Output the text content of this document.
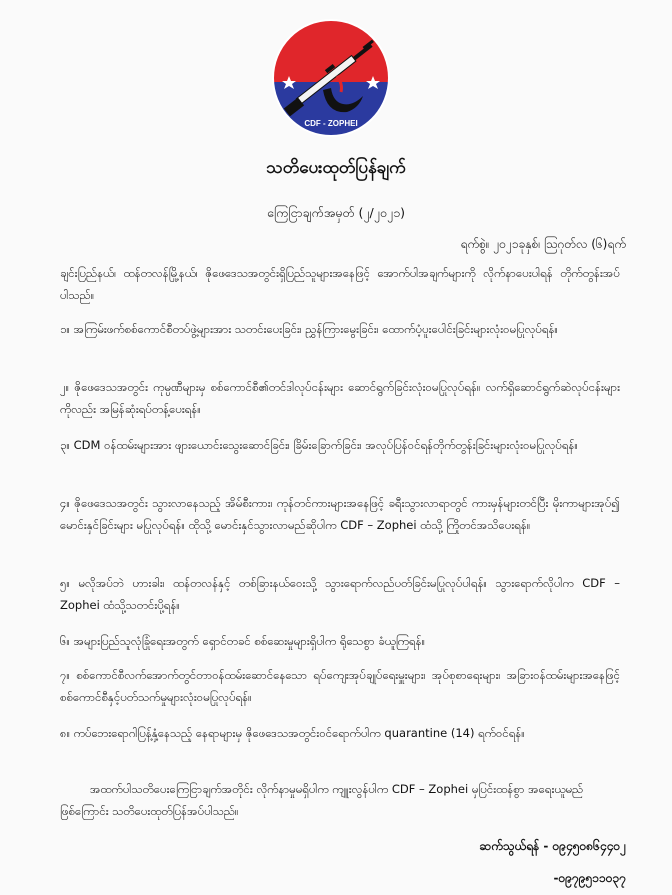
CDF - ZOPHEI
သတိပေးထုတ်ပြန်ချက်
ကြေငြာချက်အမှတ် (၂/၂၀၂၁)
ရက်စွဲ။ ၂၀၂၁ခုနှစ်၊ ဩဂုတ်လ (၆)ရက်
ချင်းပြည်နယ်၊ ထန်တလန်မြို့နယ်၊ ဇိုဖေဒေသအတွင်းရှိပြည်သူများအနေဖြင့် အောက်ပါအချက်များကို လိုက်နာပေးပါရန် တိုက်တွန်းအပ်ပါသည်။
၁။ အကြမ်းဖက်စစ်ကောင်စီတပ်ဖွဲ့များအား သတင်းပေးခြင်း၊ ညွှန်ကြားမွေးခြင်း၊ ထောက်ပံ့ပူးပေါင်းခြင်းများလုံးဝမပြုလုပ်ရန်။
၂။ ဇိုဖေဒေသအတွင်း ကုမ္ပဏီများမှ စစ်ကောင်စီ၏တင်ဒါလုပ်ငန်းများ ဆောင်ရွက်ခြင်းလုံးဝမပြုလုပ်ရန်။ လက်ရှိဆောင်ရွက်ဆဲလုပ်ငန်းများကိုလည်း အမြန်ဆုံးရပ်တန့်ပေးရန်။
၃။ CDM ဝန်ထမ်းများအား ဖျားယောင်းသွေးဆောင်ခြင်း၊ ခြိမ်းခြောက်ခြင်း၊ အလုပ်ပြန်ဝင်ရန်တိုက်တွန်းခြင်းများလုံးဝမပြုလုပ်ရန်။
၄။ ဇိုဖေဒေသအတွင်း သွားလာနေသည့် အိမ်စီးကား၊ ကုန်တင်ကားများအနေဖြင့် ခရီးသွားလာရာတွင် ကားမှန်များတင်ပြီး မိုးကာများအုပ်၍ မောင်းနှင်ခြင်းများ မပြုလုပ်ရန်။ ထိုသို့ မောင်းနှင်သွားလာမည်ဆိုပါက CDF – Zophei ထံသို့ ကြိုတင်အသိပေးရန်။
၅။ မလိုအပ်ဘဲ ဟားခါး၊ ထန်တလန်နှင့် တစ်ခြားနယ်ဝေးသို့ သွားရောက်လည်ပတ်ခြင်းမပြုလုပ်ပါရန်။ သွားရောက်လိုပါက CDF – Zophei ထံသို့သတင်းပို့ရန်။
၆။ အများပြည်သူလုံခြုံရေးအတွက် ရှောင်တခင် စစ်ဆေးမှုများရှိပါက ရိုသေစွာ ခံယူကြရန်။
၇။ စစ်ကောင်စီလက်အောက်တွင်တာဝန်ထမ်းဆောင်နေသော ရပ်ကျေးအုပ်ချုပ်ရေးမှူးများ၊ အုပ်စုစာရေးများ၊ အခြားဝန်ထမ်းများအနေဖြင့် စစ်ကောင်စီနှင့်ပတ်သက်မှုများလုံးဝမပြုလုပ်ရန်။
၈။ ကပ်ဘေးရောဂါပြန့်နှံ့နေသည့် နေရာများမှ ဇိုဖေဒေသအတွင်းဝင်ရောက်ပါက quarantine (14) ရက်ဝင်ရန်။
အထက်ပါသတိပေးကြေငြာချက်အတိုင်း လိုက်နာမှုမရှိပါက ကျူးလွန်ပါက CDF – Zophei မှပြင်းထန်စွာ အရေးယူမည်ဖြစ်ကြောင်း သတိပေးထုတ်ပြန်အပ်ပါသည်။
ဆက်သွယ်ရန် - ၀၉၄၅၀၈၆၄၄၀၂
-၀၉၇၉၅၁၁၀၃၇
